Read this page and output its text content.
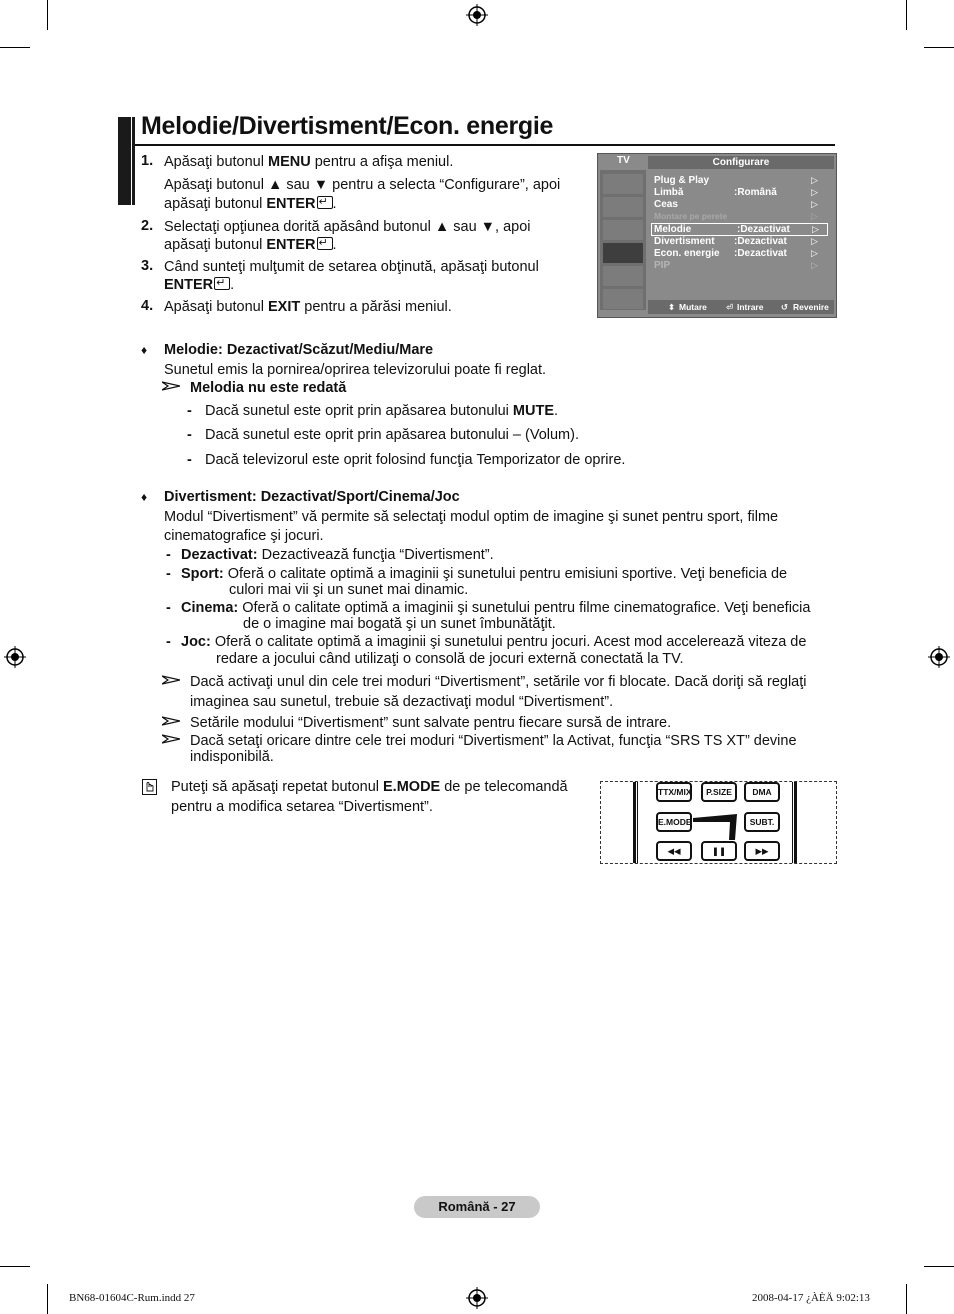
Melodie/Divertisment/Econ. energie
1. Apăsaţi butonul MENU pentru a afişa meniul.
Apăsaţi butonul ▲ sau ▼ pentru a selecta “Configurare”, apoi
apăsaţi butonul ENTER ↵ .
2. Selectaţi opţiunea dorită apăsând butonul ▲ sau ▼, apoi
apăsaţi butonul ENTER ↵ .
3. Când sunteţi mulţumit de setarea obţinută, apăsaţi butonul
ENTER ↵ .
4. Apăsaţi butonul EXIT pentru a părăsi meniul.
TV	Configurare
Plug & Play	▷
Limbă	:Română	▷
Ceas	▷
Montare pe perete	▷
Melodie	:Dezactivat ▷
Divertisment :Dezactivat	▷
Econ. energie :Dezactivat	▷
PIP	▷
⬍ Mutare ⏎ Intrare ↺ Revenire
♦ Melodie: Dezactivat/Scăzut/Mediu/Mare
Sunetul emis la pornirea/oprirea televizorului poate fi reglat.
Melodia nu este redată
- Dacă sunetul este oprit prin apăsarea butonului MUTE.
- Dacă sunetul este oprit prin apăsarea butonului – (Volum).
- Dacă televizorul este oprit folosind funcţia Temporizator de oprire.
♦ Divertisment: Dezactivat/Sport/Cinema/Joc
Modul “Divertisment” vă permite să selectaţi modul optim de imagine şi sunet pentru sport, filme
cinematografice şi jocuri.
- Dezactivat: Dezactivează funcţia “Divertisment”.
- Sport: Oferă o calitate optimă a imaginii şi sunetului pentru emisiuni sportive. Veţi beneficia de
culori mai vii şi un sunet mai dinamic.
- Cinema: Oferă o calitate optimă a imaginii şi sunetului pentru filme cinematografice. Veţi beneficia
de o imagine mai bogată şi un sunet îmbunătăţit.
- Joc: Oferă o calitate optimă a imaginii şi sunetului pentru jocuri. Acest mod accelerează viteza de
redare a jocului când utilizaţi o consolă de jocuri externă conectată la TV.
Dacă activaţi unul din cele trei moduri “Divertisment”, setările vor fi blocate. Dacă doriţi să reglaţi
imaginea sau sunetul, trebuie să dezactivaţi modul “Divertisment”.
Setările modului “Divertisment” sunt salvate pentru fiecare sursă de intrare.
Dacă setaţi oricare dintre cele trei moduri “Divertisment” la Activat, funcţia “SRS TS XT” devine
indisponibilă.
Puteţi să apăsaţi repetat butonul E.MODE de pe telecomandă
pentru a modifica setarea “Divertisment”.
TTX/MIX	P.SIZE	DMA
E.MODE	SUBT.
◀◀	❚❚	▶▶
Română - 27
BN68-01604C-Rum.indd 27	2008-04-17 ¿ÀÈÄ 9:02:13
